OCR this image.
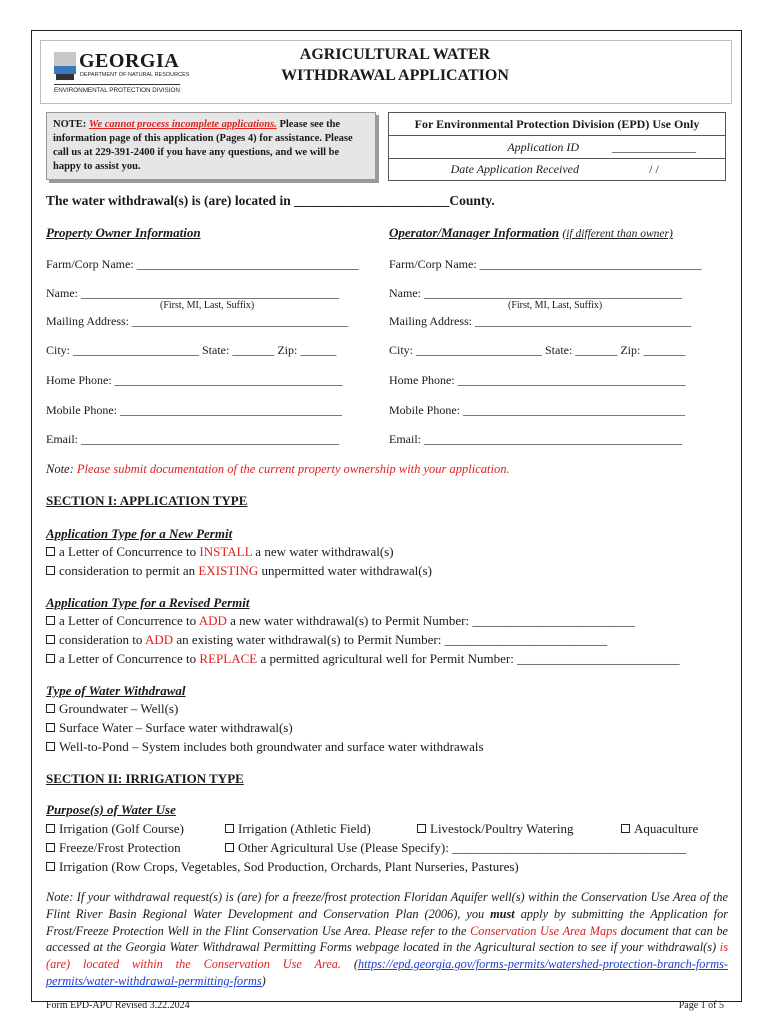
GEORGIA
DEPARTMENT OF NATURAL RESOURCES
ENVIRONMENTAL PROTECTION DIVISION
AGRICULTURAL WATER
WITHDRAWAL APPLICATION
NOTE: We cannot process incomplete applications. Please see the information page of this application (Pages 4) for assistance. Please call us at 229-391-2400 if you have any questions, and we will be happy to assist you.
For Environmental Protection Division (EPD) Use Only
Application ID	______________
Date Application Received	/ /
The water withdrawal(s) is (are) located in _______________________County.
Property Owner Information
Farm/Corp Name: _____________________________________
Name: ___________________________________________
(First, MI, Last, Suffix)
Mailing Address: ____________________________________
City: _____________________ State: _______ Zip: ______
Home Phone: ______________________________________
Mobile Phone: _____________________________________
Email: ___________________________________________
Operator/Manager Information (if different than owner)
Farm/Corp Name: _____________________________________
Name: ___________________________________________
(First, MI, Last, Suffix)
Mailing Address: ____________________________________
City: _____________________ State: _______ Zip: _______
Home Phone: ______________________________________
Mobile Phone: _____________________________________
Email: ___________________________________________
Note: Please submit documentation of the current property ownership with your application.
SECTION I: APPLICATION TYPE
Application Type for a New Permit
a Letter of Concurrence to INSTALL a new water withdrawal(s)
consideration to permit an EXISTING unpermitted water withdrawal(s)
Application Type for a Revised Permit
a Letter of Concurrence to ADD a new water withdrawal(s) to Permit Number: _________________________
consideration to ADD an existing water withdrawal(s) to Permit Number: _________________________
a Letter of Concurrence to REPLACE a permitted agricultural well for Permit Number: _________________________
Type of Water Withdrawal
Groundwater – Well(s)
Surface Water – Surface water withdrawal(s)
Well-to-Pond – System includes both groundwater and surface water withdrawals
SECTION II: IRRIGATION TYPE
Purpose(s) of Water Use
Irrigation (Golf Course)	Irrigation (Athletic Field)	Livestock/Poultry Watering	Aquaculture
Freeze/Frost Protection	Other Agricultural Use (Please Specify): ____________________________________
Irrigation (Row Crops, Vegetables, Sod Production, Orchards, Plant Nurseries, Pastures)
Note: If your withdrawal request(s) is (are) for a freeze/frost protection Floridan Aquifer well(s) within the Conservation Use Area of the Flint River Basin Regional Water Development and Conservation Plan (2006), you must apply by submitting the Application for Frost/Freeze Protection Well in the Flint Conservation Use Area. Please refer to the Conservation Use Area Maps document that can be accessed at the Georgia Water Withdrawal Permitting Forms webpage located in the Agricultural section to see if your withdrawal(s) is (are) located within the Conservation Use Area. (https://epd.georgia.gov/forms-permits/watershed-protection-branch-forms-permits/water-withdrawal-permitting-forms)
Form EPD-APU Revised 3.22.2024	Page 1 of 5
